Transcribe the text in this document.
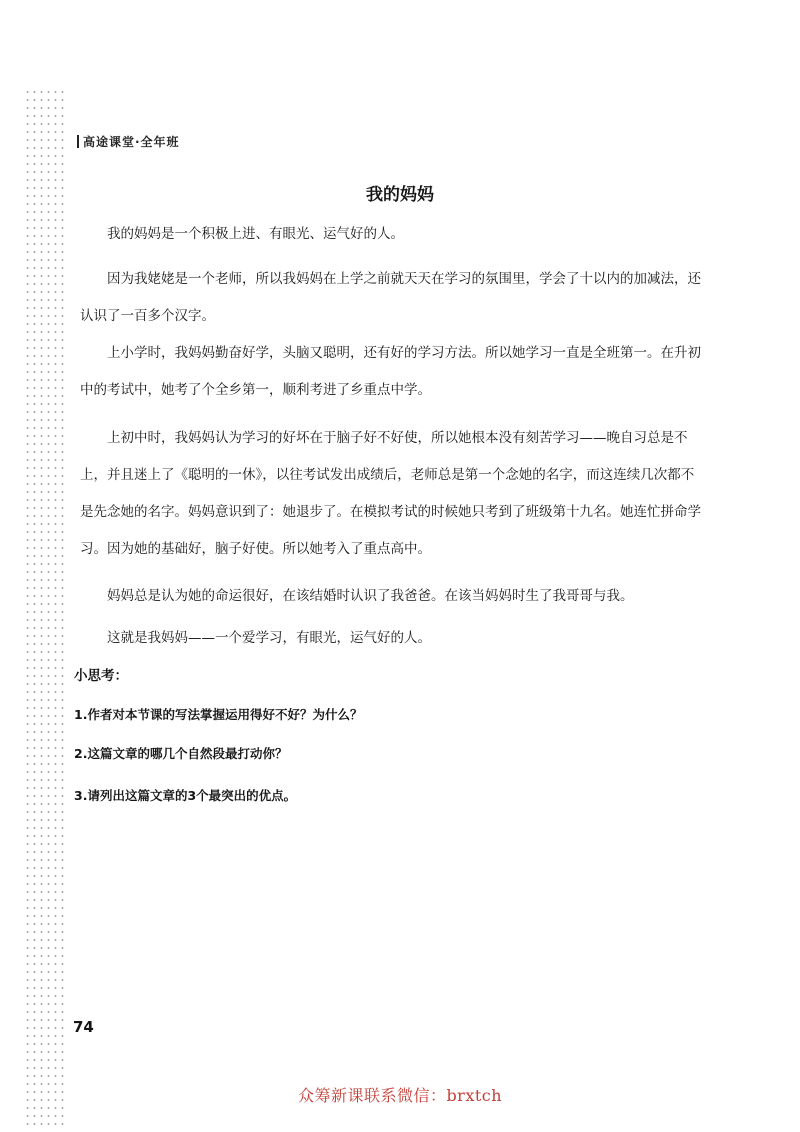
高途课堂·全年班
我的妈妈

我的妈妈是一个积极上进、有眼光、运气好的人。

因为我姥姥是一个老师，所以我妈妈在上学之前就天天在学习的氛围里，学会了十以内的加减法，还认识了一百多个汉字。

上小学时，我妈妈勤奋好学，头脑又聪明，还有好的学习方法。所以她学习一直是全班第一。在升初中的考试中，她考了个全乡第一，顺利考进了乡重点中学。

上初中时，我妈妈认为学习的好坏在于脑子好不好使，所以她根本没有刻苦学习——晚自习总是不上，并且迷上了《聪明的一休》，以往考试发出成绩后，老师总是第一个念她的名字，而这连续几次都不是先念她的名字。妈妈意识到了：她退步了。在模拟考试的时候她只考到了班级第十九名。她连忙拼命学习。因为她的基础好，脑子好使。所以她考入了重点高中。

妈妈总是认为她的命运很好，在该结婚时认识了我爸爸。在该当妈妈时生了我哥哥与我。

这就是我妈妈——一个爱学习，有眼光，运气好的人。

小思考：
1.作者对本节课的写法掌握运用得好不好？为什么？
2.这篇文章的哪几个自然段最打动你？
3.请列出这篇文章的3个最突出的优点。
74
众筹新课联系微信：brxtch
